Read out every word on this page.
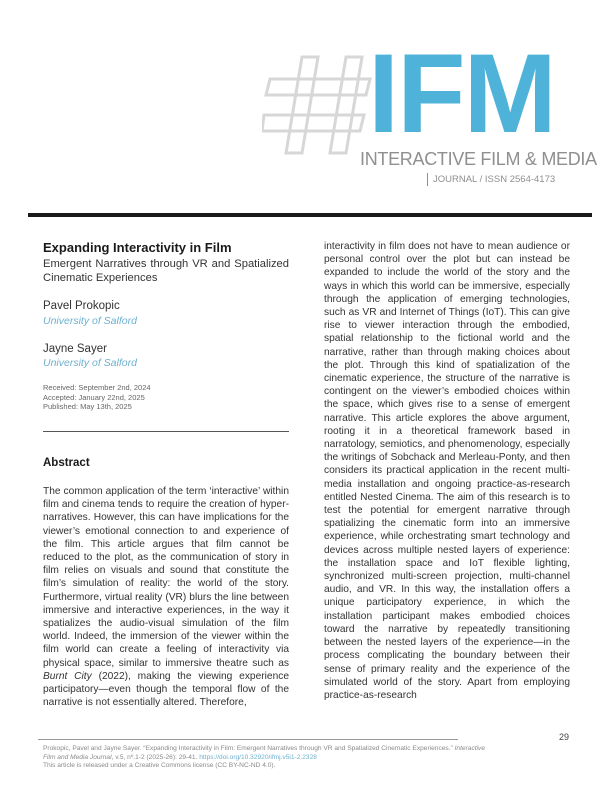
IFM
INTERACTIVE FILM & MEDIA
JOURNAL / ISSN 2564-4173
Expanding Interactivity in Film
Emergent Narratives through VR and Spatialized Cinematic Experiences
Pavel Prokopic
University of Salford
Jayne Sayer
University of Salford
Received: September 2nd, 2024
Accepted: January 22nd, 2025
Published: May 13th, 2025
Abstract
The common application of the term ‘interactive’ within film and cinema tends to require the creation of hyper-narratives. However, this can have implications for the viewer’s emotional connection to and experience of the film. This article argues that film cannot be reduced to the plot, as the communication of story in film relies on visuals and sound that constitute the film’s simulation of reality: the world of the story. Furthermore, virtual reality (VR) blurs the line between immersive and interactive experiences, in the way it spatializes the audio-visual simulation of the film world. Indeed, the immersion of the viewer within the film world can create a feeling of interactivity via physical space, similar to immersive theatre such as Burnt City (2022), making the viewing experience participatory—even though the temporal flow of the narrative is not essentially altered. Therefore,
interactivity in film does not have to mean audience or personal control over the plot but can instead be expanded to include the world of the story and the ways in which this world can be immersive, especially through the application of emerging technologies, such as VR and Internet of Things (IoT). This can give rise to viewer interaction through the embodied, spatial relationship to the fictional world and the narrative, rather than through making choices about the plot. Through this kind of spatialization of the cinematic experience, the structure of the narrative is contingent on the viewer’s embodied choices within the space, which gives rise to a sense of emergent narrative. This article explores the above argument, rooting it in a theoretical framework based in narratology, semiotics, and phenomenology, especially the writings of Sobchack and Merleau-Ponty, and then considers its practical application in the recent multi-media installation and ongoing practice-as-research entitled Nested Cinema. The aim of this research is to test the potential for emergent narrative through spatializing the cinematic form into an immersive experience, while orchestrating smart technology and devices across multiple nested layers of experience: the installation space and IoT flexible lighting, synchronized multi-screen projection, multi-channel audio, and VR. In this way, the installation offers a unique participatory experience, in which the installation participant makes embodied choices toward the narrative by repeatedly transitioning between the nested layers of the experience—in the process complicating the boundary between their sense of primary reality and the experience of the simulated world of the story. Apart from employing practice-as-research
29
Prokopic, Pavel and Jayne Sayer. “Expanding Interactivity in Film: Emergent Narratives through VR and Spatialized Cinematic Experiences.” Interactive Film and Media Journal, v.5, nº.1-2 (2025-26): 29-41. https://doi.org/10.32920/ifmj.v5i1-2.2328
This article is released under a Creative Commons license (CC BY-NC-ND 4.0).
